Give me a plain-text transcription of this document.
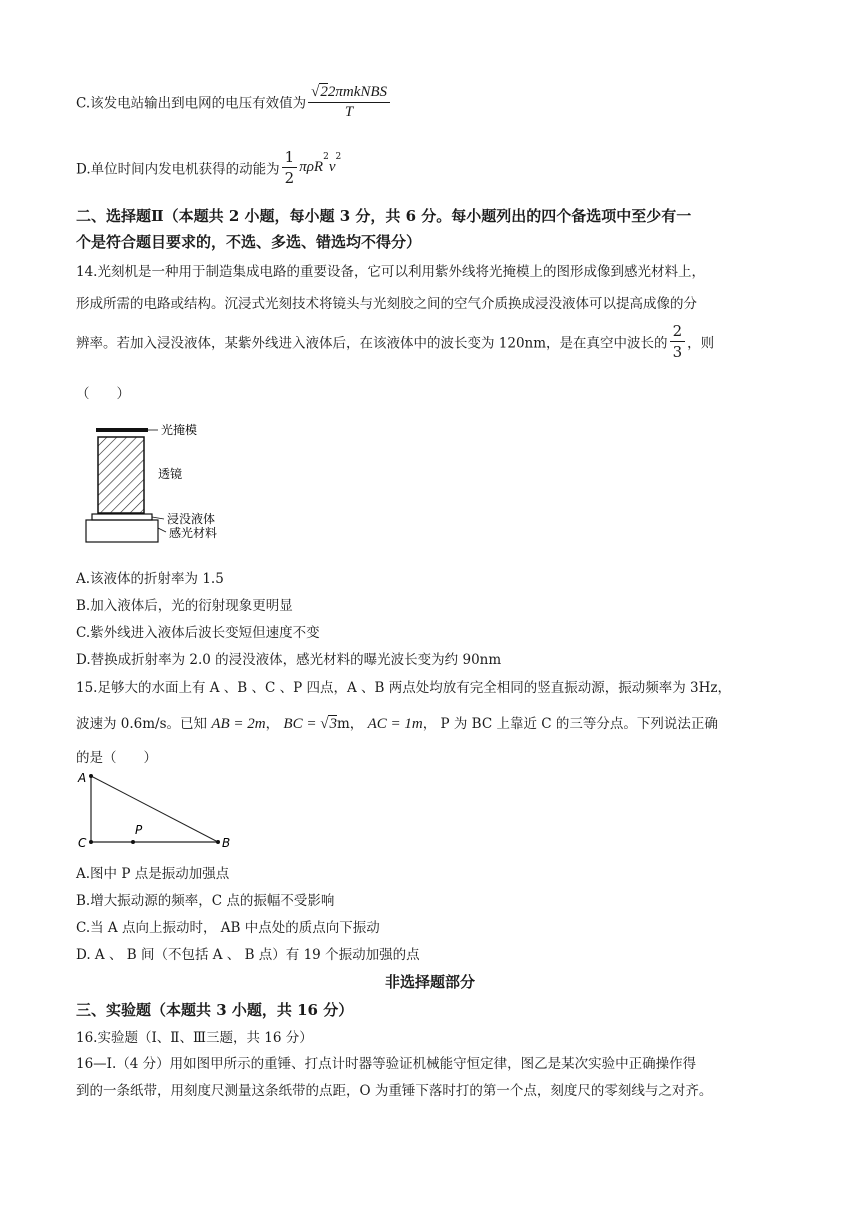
C.该发电站输出到电网的电压有效值为 $\frac{\text{√22πmkNBS}}{T}$
D.单位时间内发电机获得的动能为 $\frac{1}{2} \pi\rho R^2v^2$
二、选择题Ⅱ（本题共 2 小题，每小题 3 分，共 6 分。每小题列出的四个备选项中至少有一
个是符合题目要求的，不选、多选、错选均不得分）
14.光刻机是一种用于制造集成电路的重要设备，它可以利用紫外线将光掩模上的图形成像到感光材料上，
形成所需的电路或结构。沉浸式光刻技术将镜头与光刻胶之间的空气介质换成浸没液体可以提高成像的分
辨率。若加入浸没液体，某紫外线进入液体后，在该液体中的波长变为 120nm，是在真空中波长的 $\frac{2}{3}$ ，则
（　　）
光掩模
透镜
浸没液体
感光材料
A.该液体的折射率为 1.5
B.加入液体后，光的衍射现象更明显
C.紫外线进入液体后波长变短但速度不变
D.替换成折射率为 2.0 的浸没液体，感光材料的曝光波长变为约 90nm
15.足够大的水面上有 A 、B 、C 、P 四点，A 、B 两点处均放有完全相同的竖直振动源，振动频率为 3Hz，
波速为 0.6m/s。已知 AB = 2m， BC = √3m， AC = 1m， P 为 BC 上靠近 C 的三等分点。下列说法正确
的是（　　）
A
C
P
B
A.图中 P 点是振动加强点
B.增大振动源的频率，C 点的振幅不受影响
C.当 A 点向上振动时， AB 中点处的质点向下振动
D. A 、 B 间（不包括 A 、 B 点）有 19 个振动加强的点
非选择题部分
三、实验题（本题共 3 小题，共 16 分）
16.实验题（Ⅰ、Ⅱ、Ⅲ三题，共 16 分）
16—Ⅰ.（4 分）用如图甲所示的重锤、打点计时器等验证机械能守恒定律，图乙是某次实验中正确操作得
到的一条纸带，用刻度尺测量这条纸带的点距，O 为重锤下落时打的第一个点，刻度尺的零刻线与之对齐。
